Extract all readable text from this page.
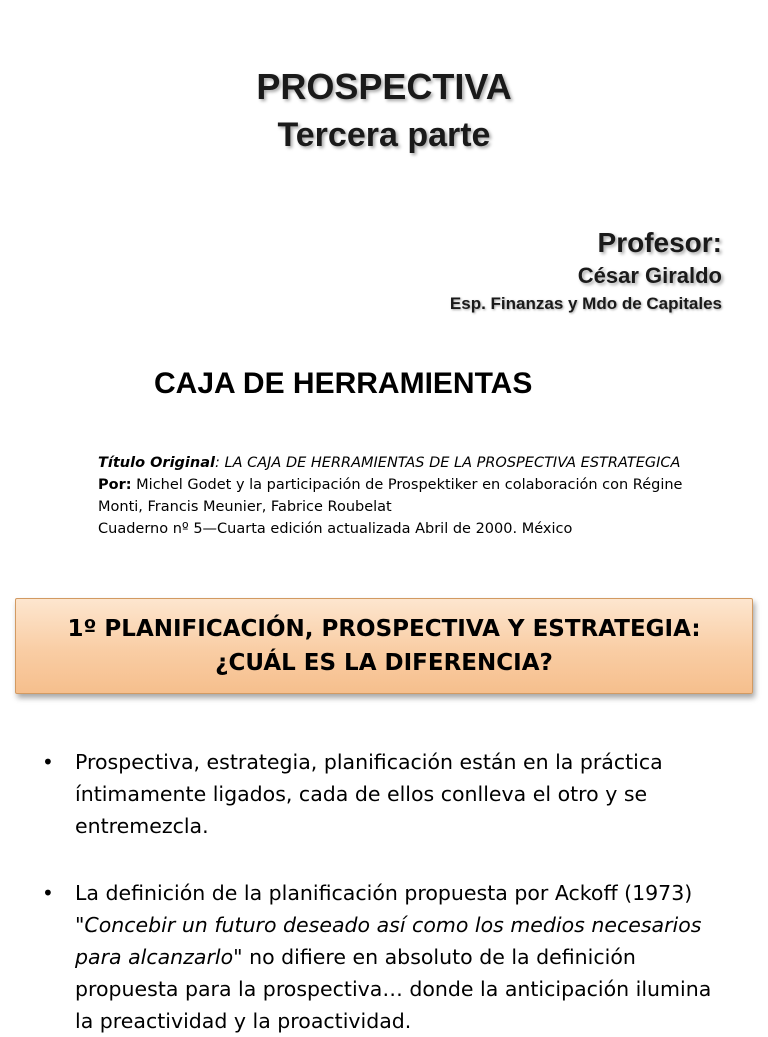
PROSPECTIVA
Tercera parte
Profesor:
César Giraldo
Esp. Finanzas y Mdo de Capitales
CAJA DE HERRAMIENTAS
Título Original: LA CAJA DE HERRAMIENTAS DE LA PROSPECTIVA ESTRATEGICA
Por: Michel Godet y la participación de Prospektiker en colaboración con Régine
Monti, Francis Meunier, Fabrice Roubelat
Cuaderno nº 5—Cuarta edición actualizada Abril de 2000. México
1º PLANIFICACIÓN, PROSPECTIVA Y ESTRATEGIA:
¿CUÁL ES LA DIFERENCIA?
• Prospectiva, estrategia, planificación están en la práctica
íntimamente ligados, cada de ellos conlleva el otro y se
entremezcla.
• La definición de la planificación propuesta por Ackoff (1973)
"Concebir un futuro deseado así como los medios necesarios
para alcanzarlo" no difiere en absoluto de la definición
propuesta para la prospectiva… donde la anticipación ilumina
la preactividad y la proactividad.
